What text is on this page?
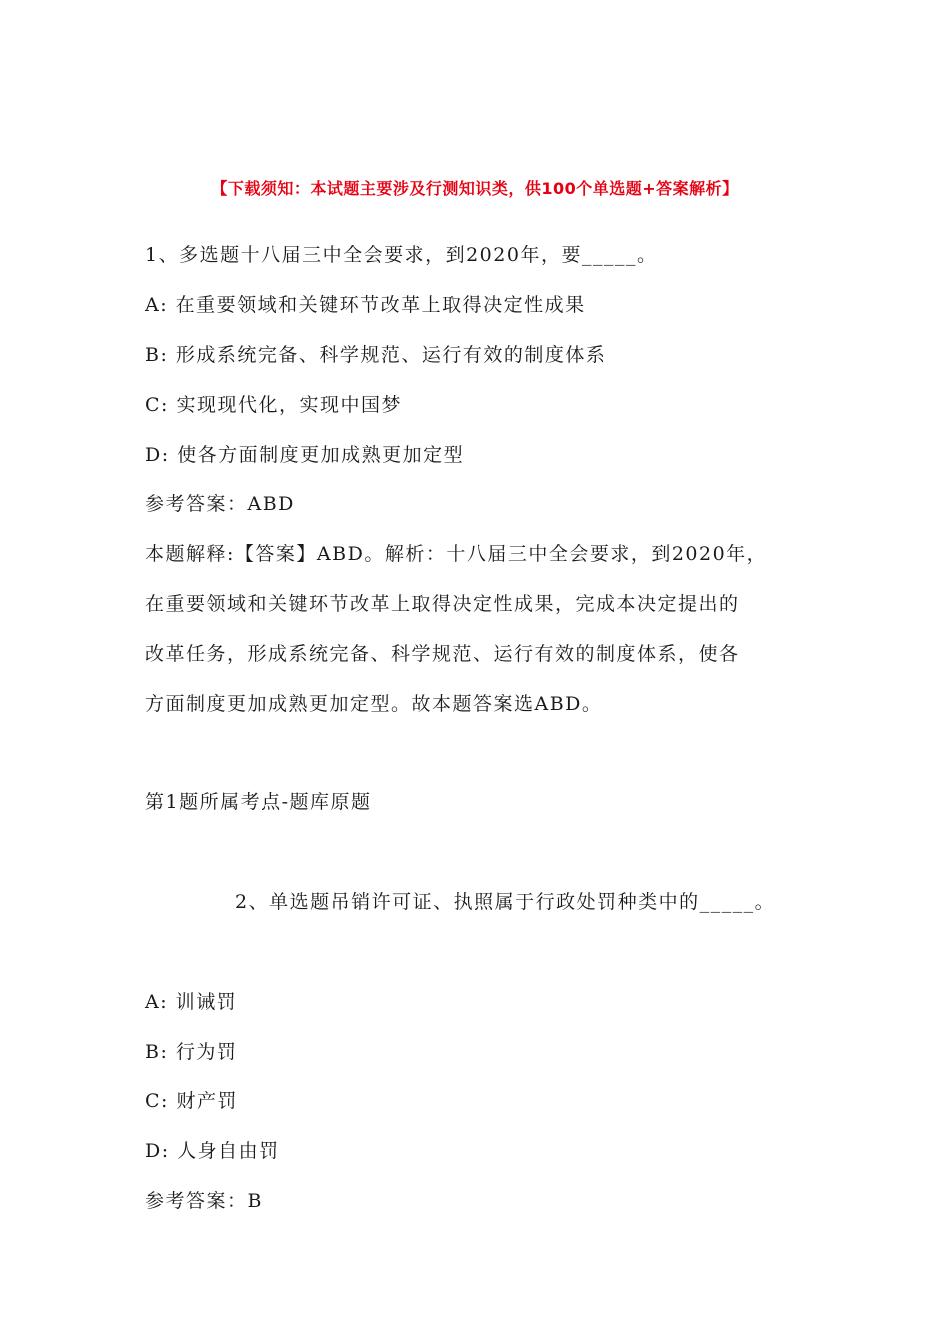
【下载须知：本试题主要涉及行测知识类，供100个单选题+答案解析】
1、多选题十八届三中全会要求，到2020年，要_____。
A: 在重要领域和关键环节改革上取得决定性成果
B: 形成系统完备、科学规范、运行有效的制度体系
C: 实现现代化，实现中国梦
D: 使各方面制度更加成熟更加定型
参考答案：ABD
本题解释:【答案】ABD。解析：十八届三中全会要求，到2020年，
在重要领域和关键环节改革上取得决定性成果，完成本决定提出的
改革任务，形成系统完备、科学规范、运行有效的制度体系，使各
方面制度更加成熟更加定型。故本题答案选ABD。
第1题所属考点-题库原题
2、单选题吊销许可证、执照属于行政处罚种类中的_____。
A: 训诫罚
B: 行为罚
C: 财产罚
D: 人身自由罚
参考答案：B
